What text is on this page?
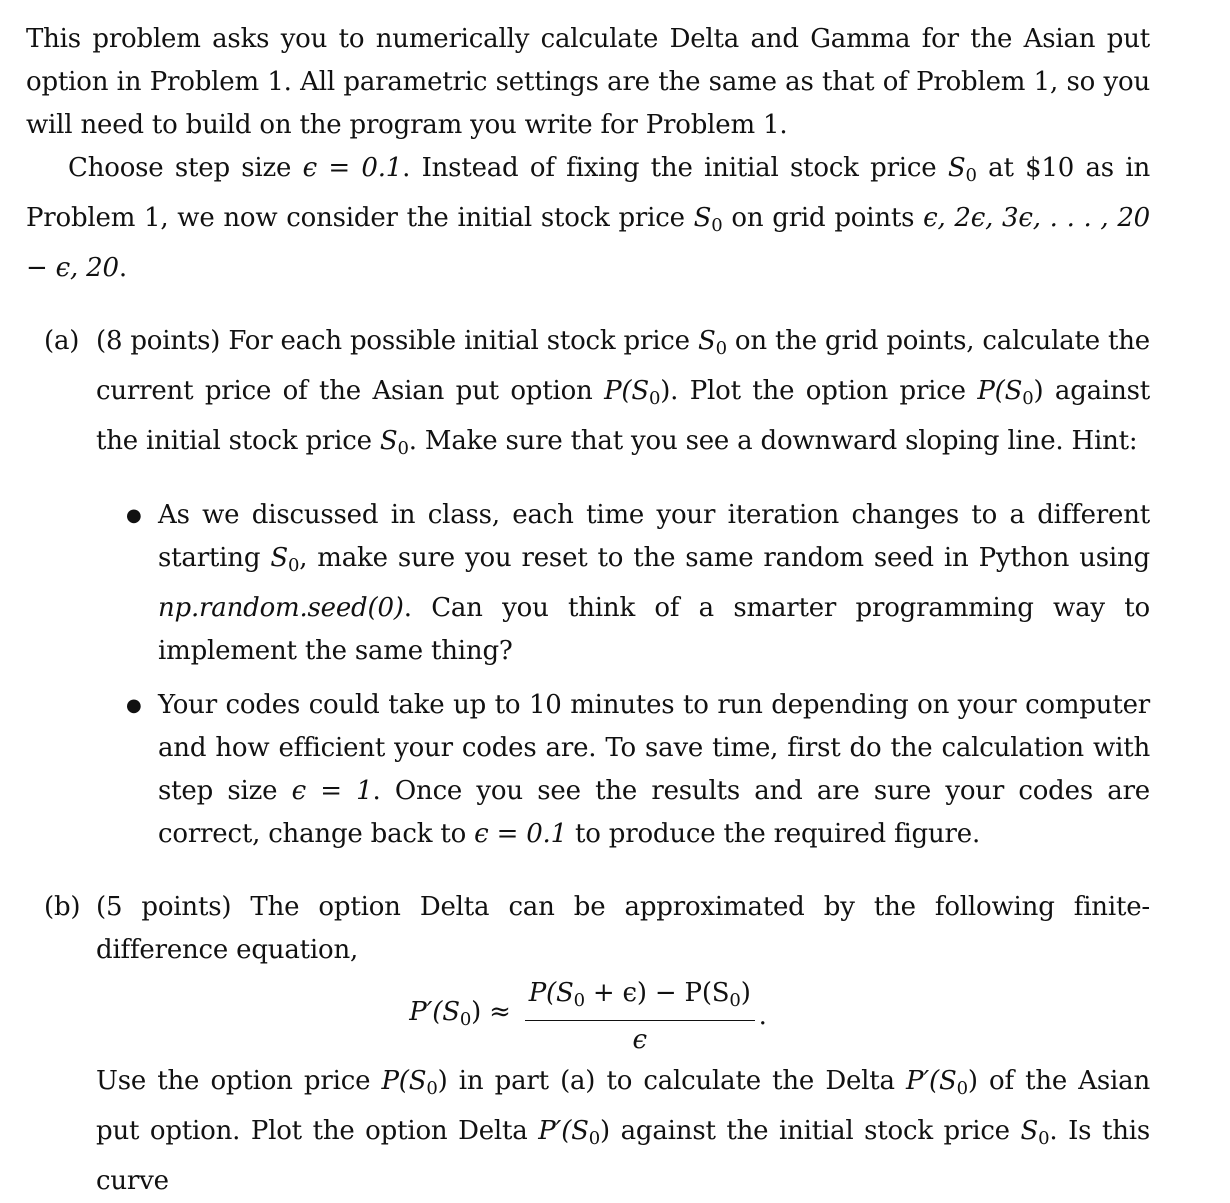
This problem asks you to numerically calculate Delta and Gamma for the Asian put option in Problem 1. All parametric settings are the same as that of Problem 1, so you will need to build on the program you write for Problem 1.

Choose step size ϵ = 0.1. Instead of fixing the initial stock price $S_0$ at $10 as in Problem 1, we now consider the initial stock price $S_0$ on grid points ϵ, 2ϵ, 3ϵ, . . . , 20 − ϵ, 20.

(a) (8 points) For each possible initial stock price $S_0$ on the grid points, calculate the current price of the Asian put option $P(S_0)$. Plot the option price $P(S_0)$ against the initial stock price $S_0$. Make sure that you see a downward sloping line. Hint:

● As we discussed in class, each time your iteration changes to a different starting $S_0$, make sure you reset to the same random seed in Python using np.random.seed(0). Can you think of a smarter programming way to implement the same thing?
● Your codes could take up to 10 minutes to run depending on your computer and how efficient your codes are. To save time, first do the calculation with step size ϵ = 1. Once you see the results and are sure your codes are correct, change back to ϵ = 0.1 to produce the required figure.
(b) (5 points) The option Delta can be approximated by the following finite-difference equation,

$P'(S_0) \approx \frac{P(S_0 + \epsilon) - P(S_0)}{\epsilon}$ .

Use the option price $P(S_0)$ in part (a) to calculate the Delta $P'(S_0)$ of the Asian put option. Plot the option Delta $P'(S_0)$ against the initial stock price $S_0$. Is this curve
